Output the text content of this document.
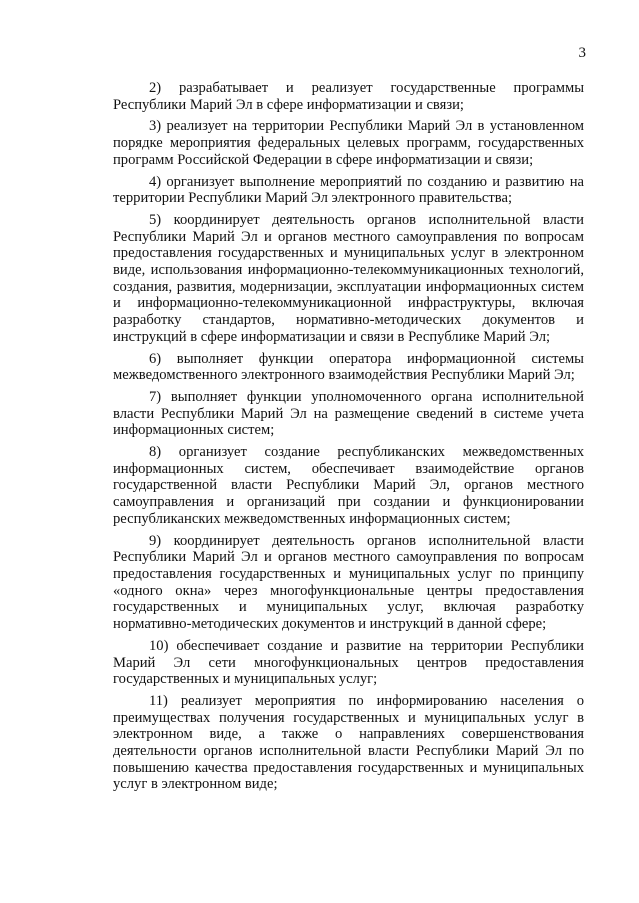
3

2) разрабатывает и реализует государственные программы Республики Марий Эл в сфере информатизации и связи;

3) реализует на территории Республики Марий Эл в установленном порядке мероприятия федеральных целевых программ, государственных программ Российской Федерации в сфере информатизации и связи;

4) организует выполнение мероприятий по созданию и развитию на территории Республики Марий Эл электронного правительства;

5) координирует деятельность органов исполнительной власти Республики Марий Эл и органов местного самоуправления по вопросам предоставления государственных и муниципальных услуг в электронном виде, использования информационно-телекоммуникационных технологий, создания, развития, модернизации, эксплуатации информационных систем и информационно-телекоммуникационной инфраструктуры, включая разработку стандартов, нормативно-методических документов и инструкций в сфере информатизации и связи в Республике Марий Эл;

6) выполняет функции оператора информационной системы межведомственного электронного взаимодействия Республики Марий Эл;

7) выполняет функции уполномоченного органа исполнительной власти Республики Марий Эл на размещение сведений в системе учета информационных систем;

8) организует создание республиканских межведомственных информационных систем, обеспечивает взаимодействие органов государственной власти Республики Марий Эл, органов местного самоуправления и организаций при создании и функционировании республиканских межведомственных информационных систем;

9) координирует деятельность органов исполнительной власти Республики Марий Эл и органов местного самоуправления по вопросам предоставления государственных и муниципальных услуг по принципу «одного окна» через многофункциональные центры предоставления государственных и муниципальных услуг, включая разработку нормативно-методических документов и инструкций в данной сфере;

10) обеспечивает создание и развитие на территории Республики Марий Эл сети многофункциональных центров предоставления государственных и муниципальных услуг;

11) реализует мероприятия по информированию населения о преимуществах получения государственных и муниципальных услуг в электронном виде, а также о направлениях совершенствования деятельности органов исполнительной власти Республики Марий Эл по повышению качества предоставления государственных и муниципальных услуг в электронном виде;
